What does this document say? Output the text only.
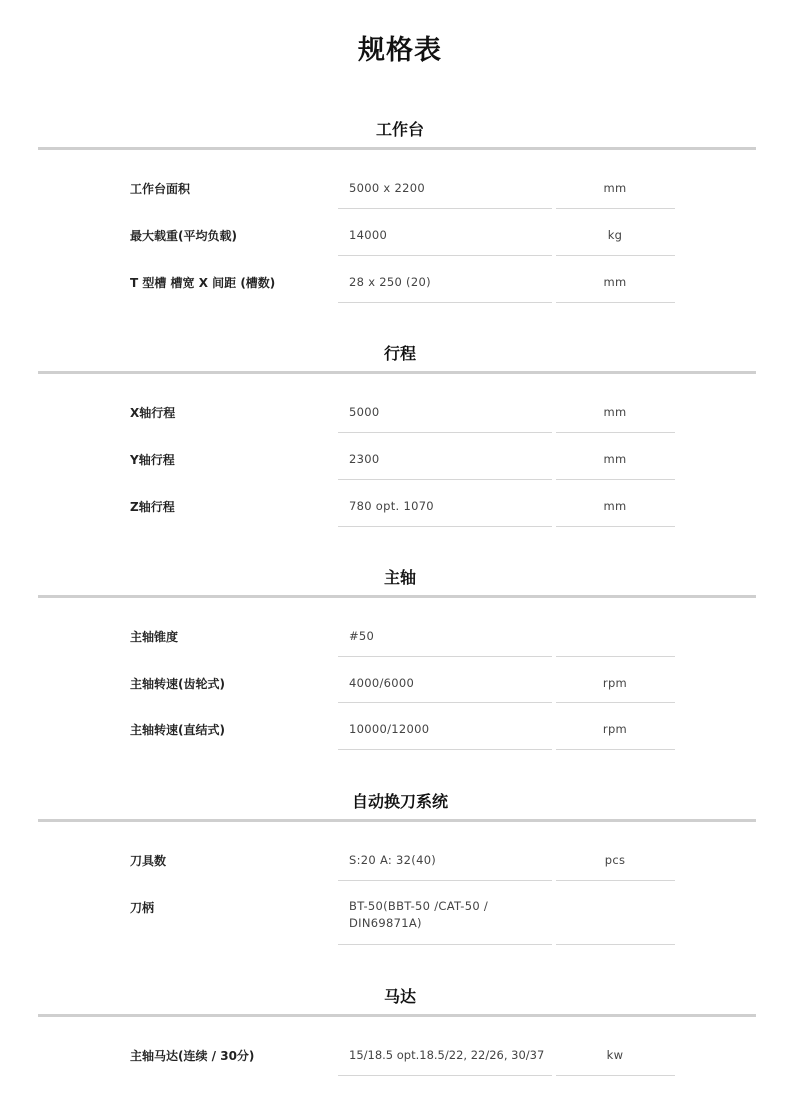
规格表
工作台
工作台面积	5000 x 2200	mm
最大载重(平均负载)	14000	kg
T 型槽 槽宽 X 间距 (槽数)	28 x 250 (20)	mm
行程
X轴行程	5000	mm
Y轴行程	2300	mm
Z轴行程	780 opt. 1070	mm
主轴
主轴锥度	#50
主轴转速(齿轮式)	4000/6000	rpm
主轴转速(直结式)	10000/12000	rpm
自动换刀系统
刀具数	S:20 A: 32(40)	pcs
刀柄	BT-50(BBT-50 /CAT-50 /
DIN69871A)
马达
主轴马达(连续 / 30分)	15/18.5 opt.18.5/22, 22/26, 30/37	kw
